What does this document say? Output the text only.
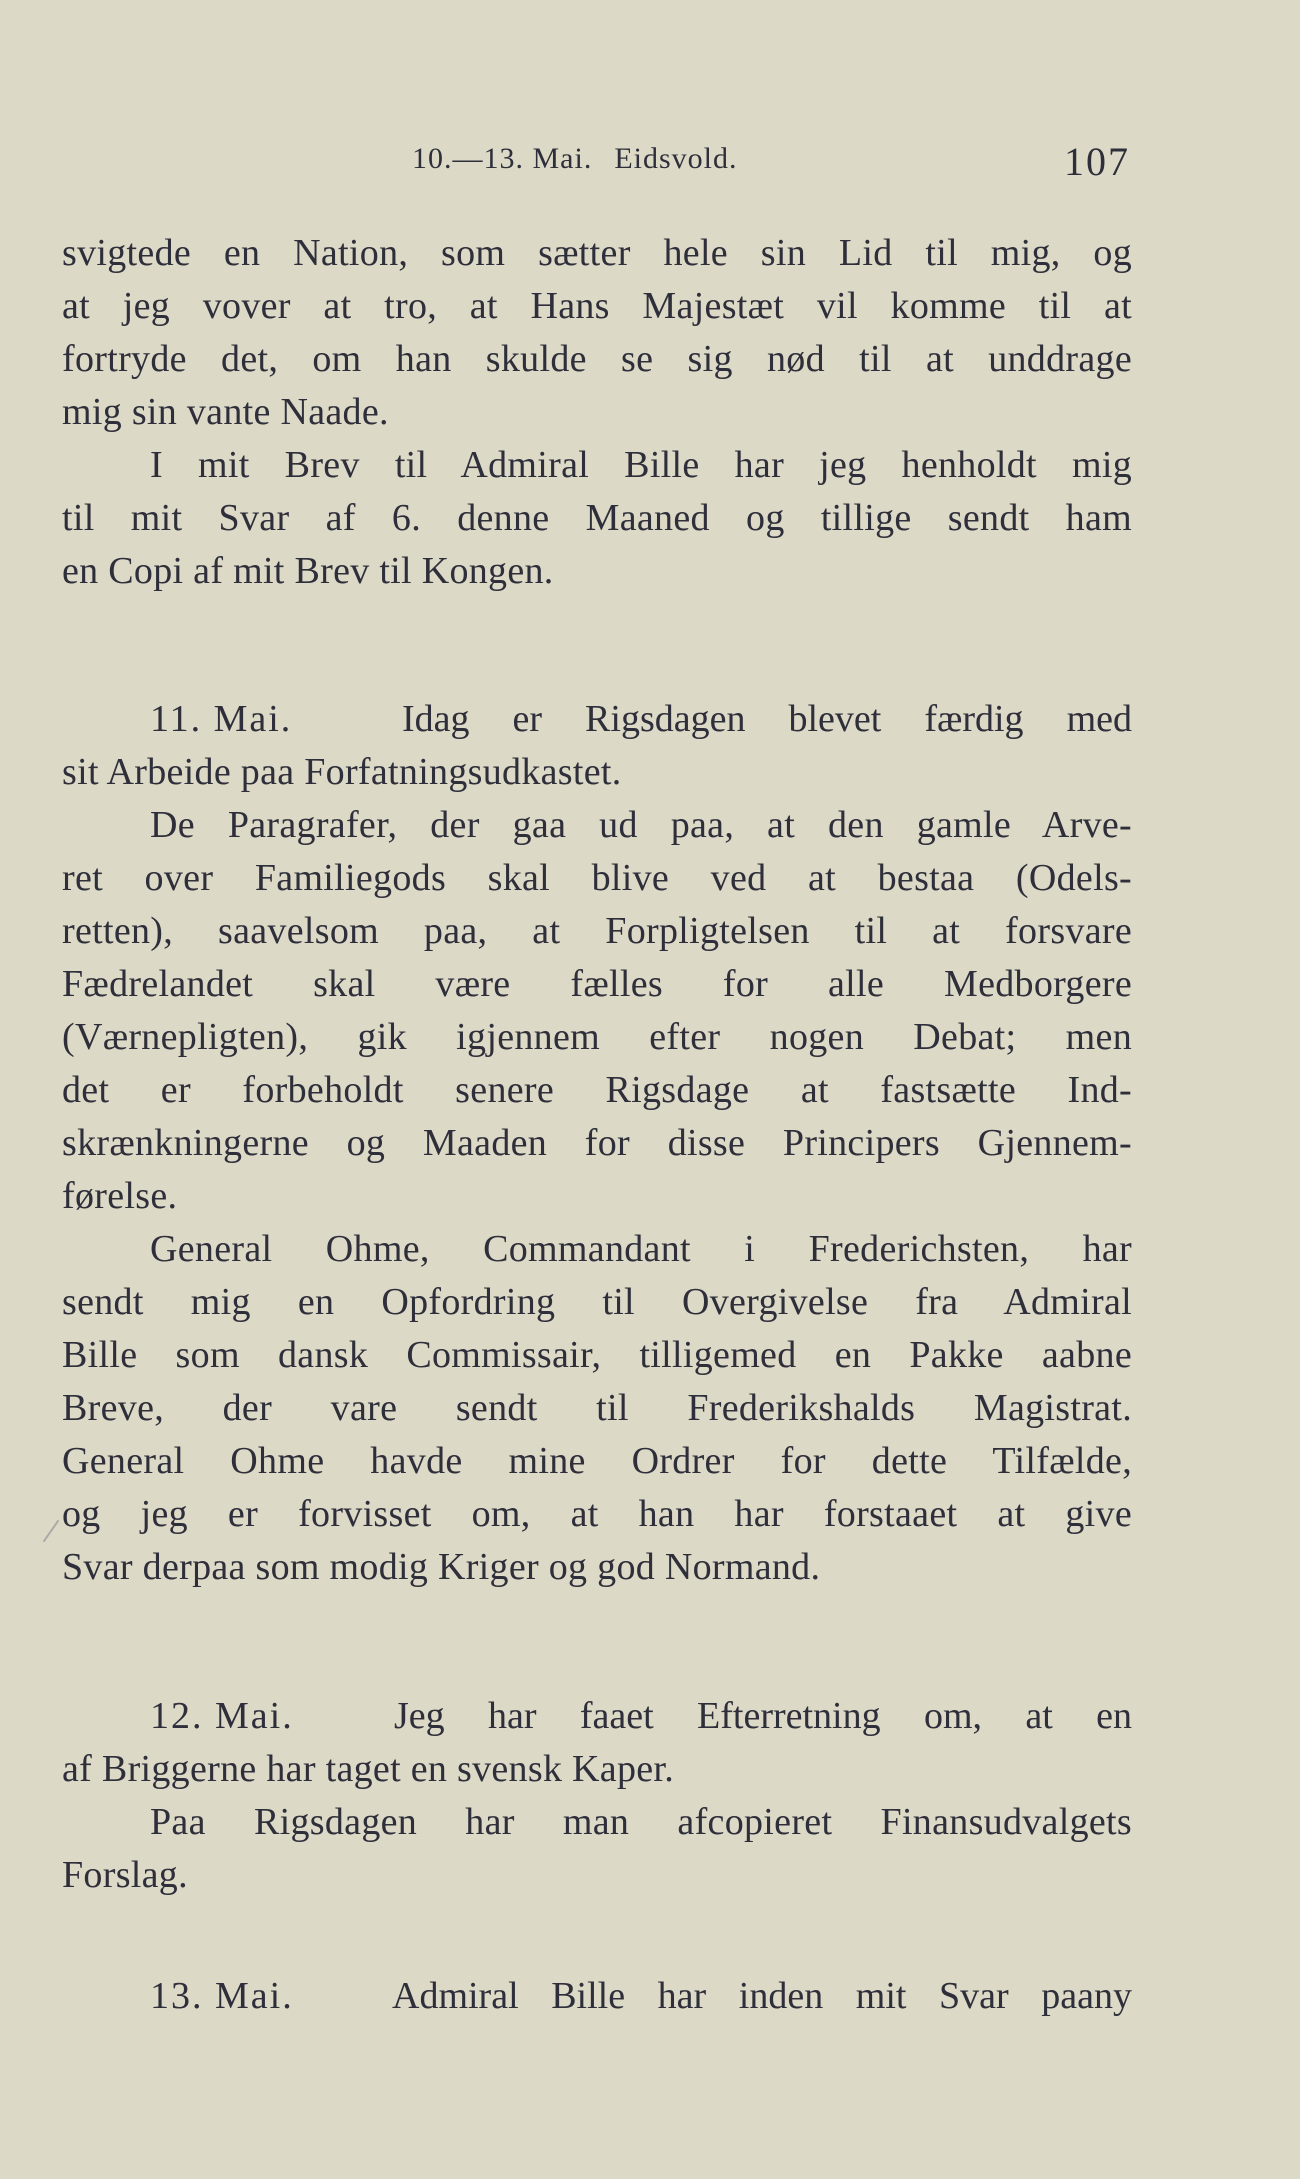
10.—13. Mai. Eidsvold.	107
svigtede en Nation, som sætter hele sin Lid til mig, og
at jeg vover at tro, at Hans Majestæt vil komme til at
fortryde det, om han skulde se sig nød til at unddrage
mig sin vante Naade.
I mit Brev til Admiral Bille har jeg henholdt mig
til mit Svar af 6. denne Maaned og tillige sendt ham
en Copi af mit Brev til Kongen.
11. Mai.	Idag er Rigsdagen blevet færdig med
sit Arbeide paa Forfatningsudkastet.
De Paragrafer, der gaa ud paa, at den gamle Arve-
ret over Familiegods skal blive ved at bestaa (Odels-
retten), saavelsom paa, at Forpligtelsen til at forsvare
Fædrelandet skal være fælles for alle Medborgere
(Værnepligten), gik igjennem efter nogen Debat; men
det er forbeholdt senere Rigsdage at fastsætte Ind-
skrænkningerne og Maaden for disse Principers Gjennem-
førelse.
General Ohme, Commandant i Frederichsten, har
sendt mig en Opfordring til Overgivelse fra Admiral
Bille som dansk Commissair, tilligemed en Pakke aabne
Breve, der vare sendt til Frederikshalds Magistrat.
General Ohme havde mine Ordrer for dette Tilfælde,
og jeg er forvisset om, at han har forstaaet at give
Svar derpaa som modig Kriger og god Normand.
12. Mai.	Jeg har faaet Efterretning om, at en
af Briggerne har taget en svensk Kaper.
Paa Rigsdagen har man afcopieret Finansudvalgets
Forslag.
13. Mai.	Admiral Bille har inden mit Svar paany
